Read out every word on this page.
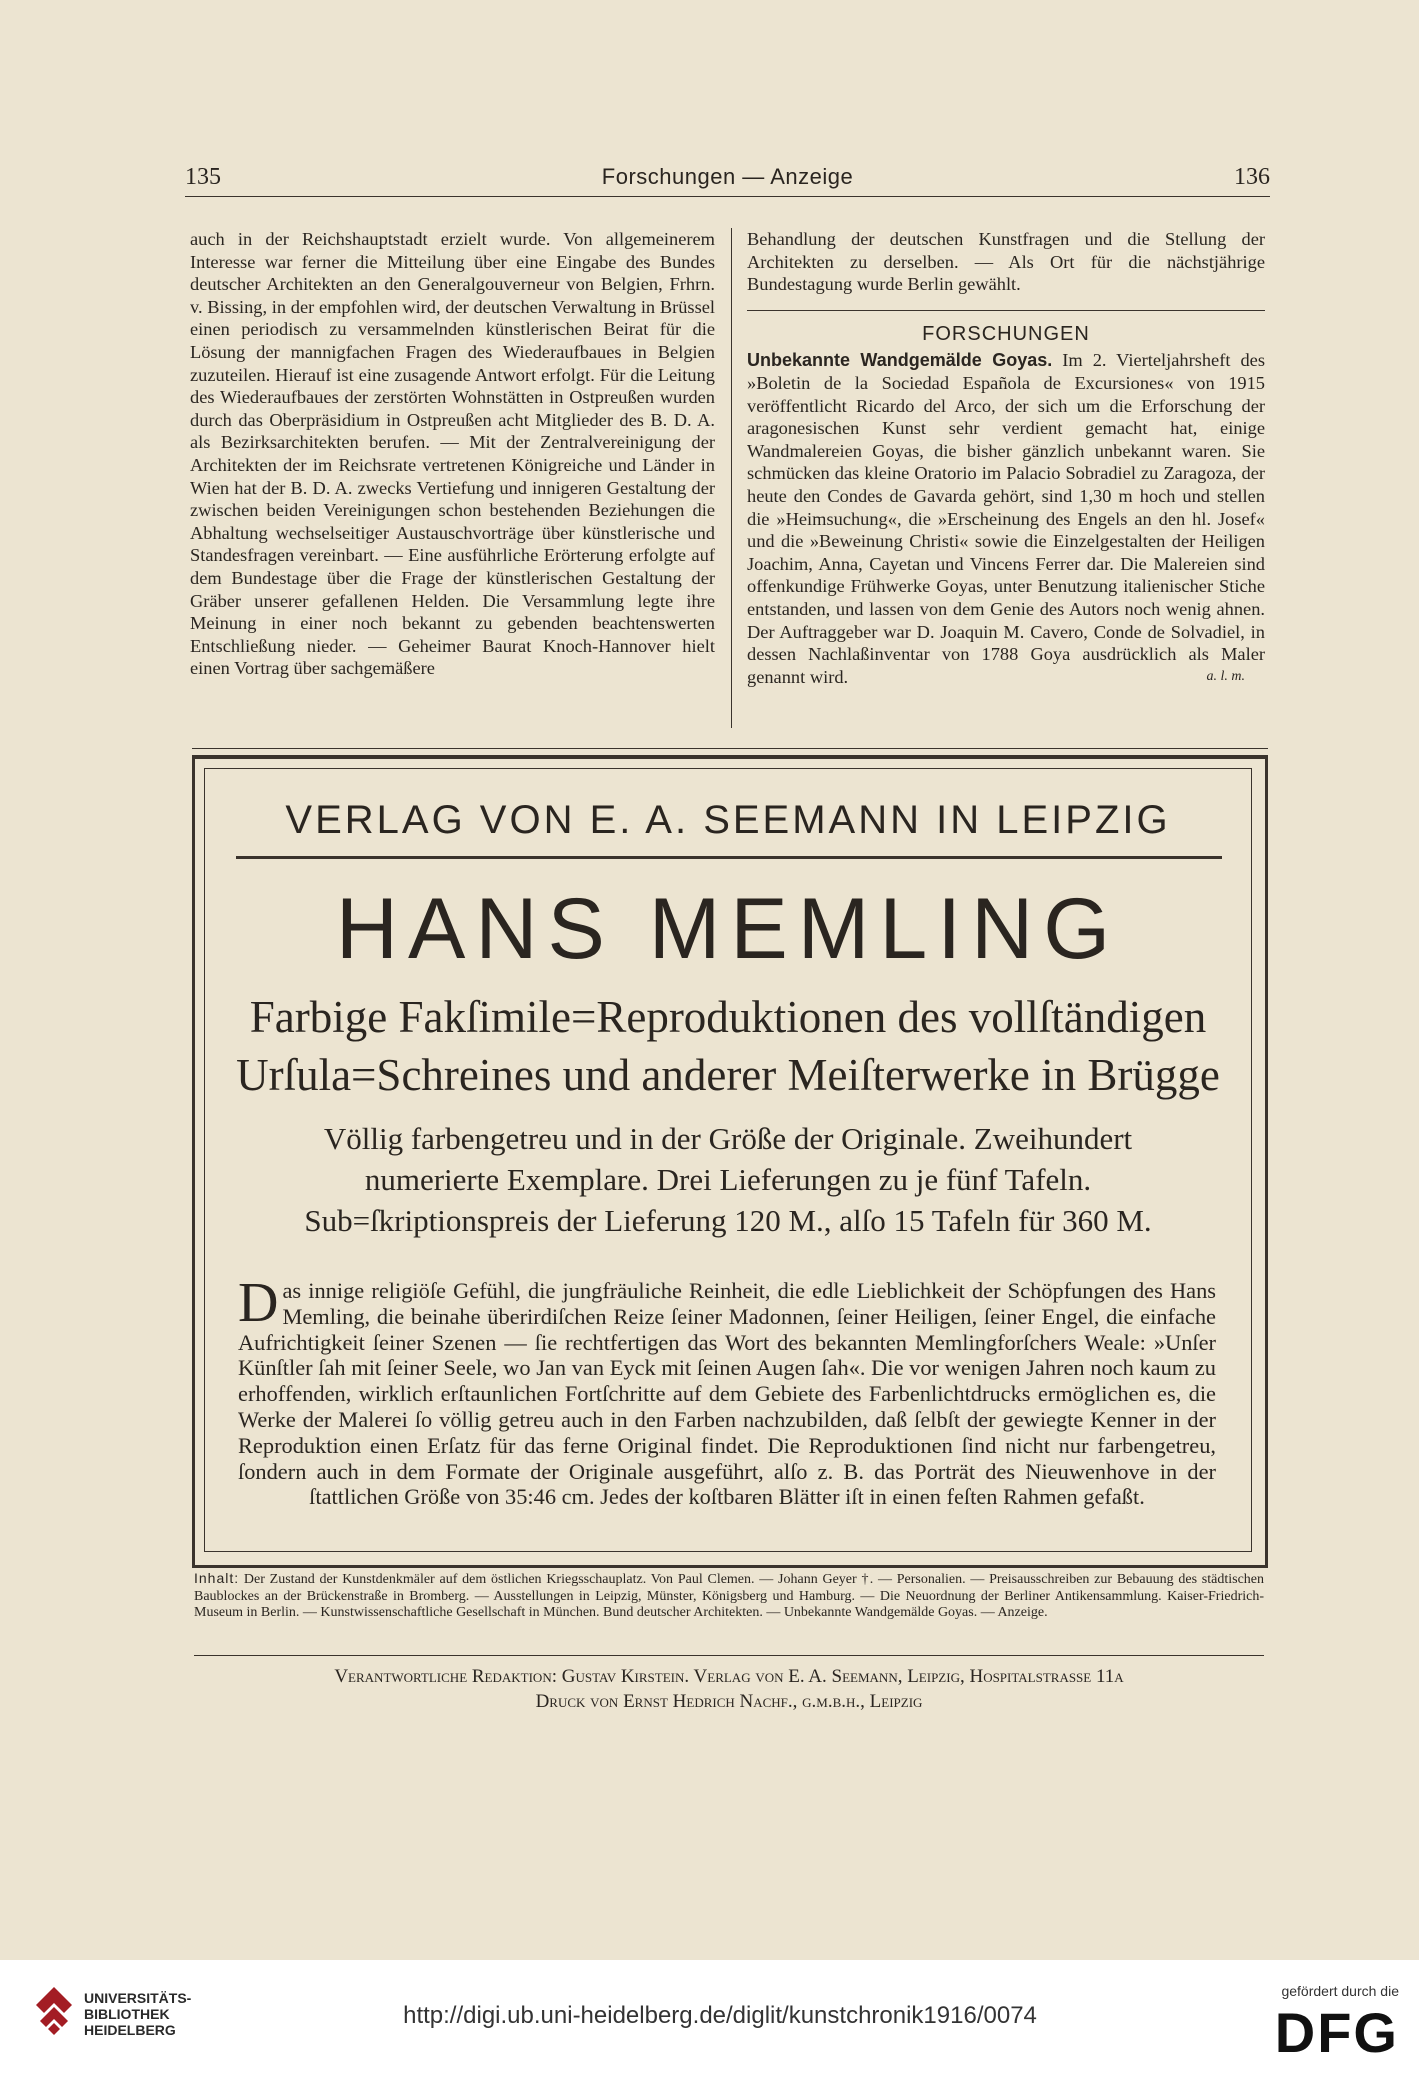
135	Forschungen — Anzeige	136

auch in der Reichshauptstadt erzielt wurde. Von allgemeinerem Interesse war ferner die Mitteilung über eine Eingabe des Bundes deutscher Architekten an den Generalgouverneur von Belgien, Frhrn. v. Bissing, in der empfohlen wird, der deutschen Verwaltung in Brüssel einen periodisch zu versammelnden künstlerischen Beirat für die Lösung der mannigfachen Fragen des Wiederaufbaues in Belgien zuzuteilen. Hierauf ist eine zusagende Antwort erfolgt. Für die Leitung des Wiederaufbaues der zerstörten Wohnstätten in Ostpreußen wurden durch das Oberpräsidium in Ostpreußen acht Mitglieder des B. D. A. als Bezirksarchitekten berufen. — Mit der Zentralvereinigung der Architekten der im Reichsrate vertretenen Königreiche und Länder in Wien hat der B. D. A. zwecks Vertiefung und innigeren Gestaltung der zwischen beiden Vereinigungen schon bestehenden Beziehungen die Abhaltung wechselseitiger Austauschvorträge über künstlerische und Standesfragen vereinbart. — Eine ausführliche Erörterung erfolgte auf dem Bundestage über die Frage der künstlerischen Gestaltung der Gräber unserer gefallenen Helden. Die Versammlung legte ihre Meinung in einer noch bekannt zu gebenden beachtenswerten Entschließung nieder. — Geheimer Baurat Knoch-Hannover hielt einen Vortrag über sachgemäßere

Behandlung der deutschen Kunstfragen und die Stellung der Architekten zu derselben. — Als Ort für die nächstjährige Bundestagung wurde Berlin gewählt.

FORSCHUNGEN

Unbekannte Wandgemälde Goyas. Im 2. Vierteljahrsheft des »Boletin de la Sociedad Española de Excursiones« von 1915 veröffentlicht Ricardo del Arco, der sich um die Erforschung der aragonesischen Kunst sehr verdient gemacht hat, einige Wandmalereien Goyas, die bisher gänzlich unbekannt waren. Sie schmücken das kleine Oratorio im Palacio Sobradiel zu Zaragoza, der heute den Condes de Gavarda gehört, sind 1,30 m hoch und stellen die »Heimsuchung«, die »Erscheinung des Engels an den hl. Josef« und die »Beweinung Christi« sowie die Einzelgestalten der Heiligen Joachim, Anna, Cayetan und Vincens Ferrer dar. Die Malereien sind offenkundige Frühwerke Goyas, unter Benutzung italienischer Stiche entstanden, und lassen von dem Genie des Autors noch wenig ahnen. Der Auftraggeber war D. Joaquin M. Cavero, Conde de Solvadiel, in dessen Nachlaßinventar von 1788 Goya ausdrücklich als Maler genannt wird.	a. l. m.

VERLAG VON E. A. SEEMANN IN LEIPZIG
HANS MEMLING
Farbige Fakſimile=Reproduktionen des vollſtändigen
Urſula=Schreines und anderer Meiſterwerke in Brügge
Völlig farbengetreu und in der Größe der Originale. Zweihundert numerierte Exemplare. Drei Lieferungen zu je fünf Tafeln. Sub=ſkriptionspreis der Lieferung 120 M., alſo 15 Tafeln für 360 M.
Das innige religiöſe Gefühl, die jungfräuliche Reinheit, die edle Lieblichkeit der Schöpfungen des Hans Memling, die beinahe überirdiſchen Reize ſeiner Madonnen, ſeiner Heiligen, ſeiner Engel, die einfache Aufrichtigkeit ſeiner Szenen — ſie rechtfertigen das Wort des bekannten Memlingforſchers Weale: »Unſer Künſtler ſah mit ſeiner Seele, wo Jan van Eyck mit ſeinen Augen ſah«. Die vor wenigen Jahren noch kaum zu erhoffenden, wirklich erſtaunlichen Fortſchritte auf dem Gebiete des Farbenlichtdrucks ermöglichen es, die Werke der Malerei ſo völlig getreu auch in den Farben nachzubilden, daß ſelbſt der gewiegte Kenner in der Reproduktion einen Erſatz für das ferne Original findet. Die Reproduktionen ſind nicht nur farbengetreu, ſondern auch in dem Formate der Originale ausgeführt, alſo z. B. das Porträt des Nieuwenhove in der ſtattlichen Größe von 35:46 cm. Jedes der koſtbaren Blätter iſt in einen feſten Rahmen gefaßt.
Inhalt: Der Zustand der Kunstdenkmäler auf dem östlichen Kriegsschauplatz. Von Paul Clemen. — Johann Geyer †. — Personalien. — Preisausschreiben zur Bebauung des städtischen Baublockes an der Brückenstraße in Bromberg. — Ausstellungen in Leipzig, Münster, Königsberg und Hamburg. — Die Neuordnung der Berliner Antikensammlung. Kaiser-Friedrich-Museum in Berlin. — Kunstwissenschaftliche Gesellschaft in München. Bund deutscher Architekten. — Unbekannte Wandgemälde Goyas. — Anzeige.
Verantwortliche Redaktion: Gustav Kirstein. Verlag von E. A. Seemann, Leipzig, Hospitalstraße 11a
Druck von Ernst Hedrich Nachf., g.m.b.h., Leipzig
UNIVERSITÄTS-
BIBLIOTHEK
HEIDELBERG
http://digi.ub.uni-heidelberg.de/diglit/kunstchronik1916/0074
gefördert durch die
DFG
